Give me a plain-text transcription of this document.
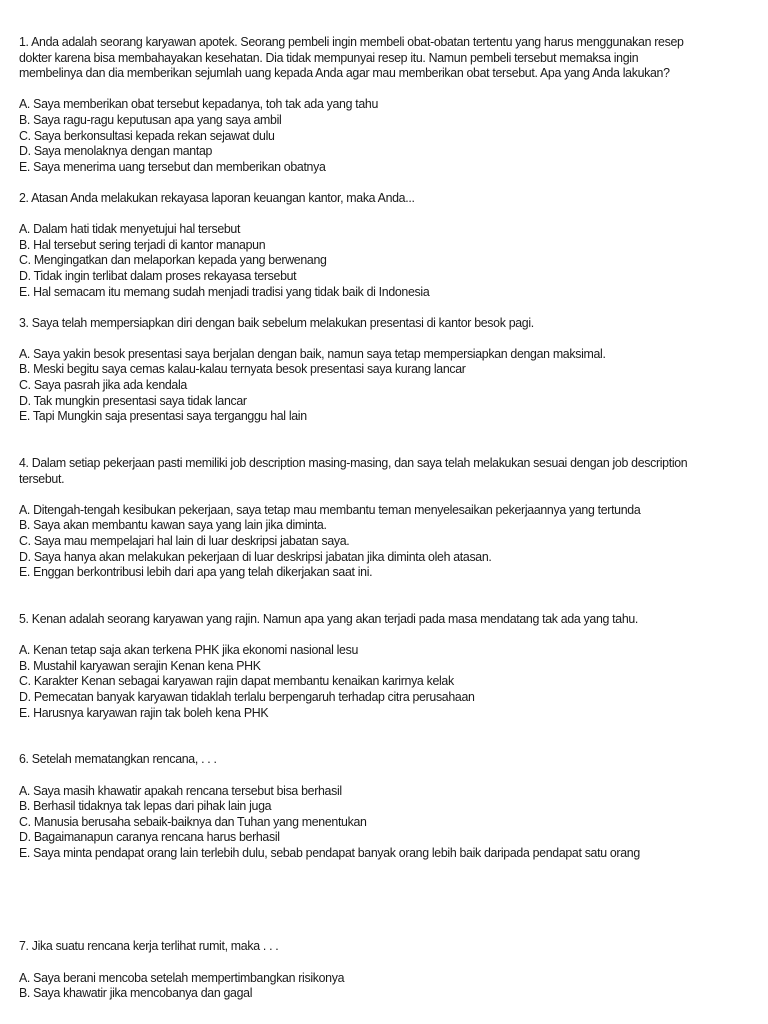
1. Anda adalah seorang karyawan apotek. Seorang pembeli ingin membeli obat-obatan tertentu yang harus menggunakan resep dokter karena bisa membahayakan kesehatan. Dia tidak mempunyai resep itu. Namun pembeli tersebut memaksa ingin membelinya dan dia memberikan sejumlah uang kepada Anda agar mau memberikan obat tersebut. Apa yang Anda lakukan?
A. Saya memberikan obat tersebut kepadanya, toh tak ada yang tahu
B. Saya ragu-ragu keputusan apa yang saya ambil
C. Saya berkonsultasi kepada rekan sejawat dulu
D. Saya menolaknya dengan mantap
E. Saya menerima uang tersebut dan memberikan obatnya
2. Atasan Anda melakukan rekayasa laporan keuangan kantor, maka Anda...
A. Dalam hati tidak menyetujui hal tersebut
B. Hal tersebut sering terjadi di kantor manapun
C. Mengingatkan dan melaporkan kepada yang berwenang
D. Tidak ingin terlibat dalam proses rekayasa tersebut
E. Hal semacam itu memang sudah menjadi tradisi yang tidak baik di Indonesia
3. Saya telah mempersiapkan diri dengan baik sebelum melakukan presentasi di kantor besok pagi.
A. Saya yakin besok presentasi saya berjalan dengan baik, namun saya tetap mempersiapkan dengan maksimal.
B. Meski begitu saya cemas kalau-kalau ternyata besok presentasi saya kurang lancar
C. Saya pasrah jika ada kendala
D. Tak mungkin presentasi saya tidak lancar
E. Tapi Mungkin saja presentasi saya terganggu hal lain
4. Dalam setiap pekerjaan pasti memiliki job description masing-masing, dan saya telah melakukan sesuai dengan job description tersebut.
A. Ditengah-tengah kesibukan pekerjaan, saya tetap mau membantu teman menyelesaikan pekerjaannya yang tertunda
B. Saya akan membantu kawan saya yang lain jika diminta.
C. Saya mau mempelajari hal lain di luar deskripsi jabatan saya.
D. Saya hanya akan melakukan pekerjaan di luar deskripsi jabatan jika diminta oleh atasan.
E. Enggan berkontribusi lebih dari apa yang telah dikerjakan saat ini.
5. Kenan adalah seorang karyawan yang rajin. Namun apa yang akan terjadi pada masa mendatang tak ada yang tahu.
A. Kenan tetap saja akan terkena PHK jika ekonomi nasional lesu
B. Mustahil karyawan serajin Kenan kena PHK
C. Karakter Kenan sebagai karyawan rajin dapat membantu kenaikan karirnya kelak
D. Pemecatan banyak karyawan tidaklah terlalu berpengaruh terhadap citra perusahaan
E. Harusnya karyawan rajin tak boleh kena PHK
6. Setelah mematangkan rencana, . . .
A. Saya masih khawatir apakah rencana tersebut bisa berhasil
B. Berhasil tidaknya tak lepas dari pihak lain juga
C. Manusia berusaha sebaik-baiknya dan Tuhan yang menentukan
D. Bagaimanapun caranya rencana harus berhasil
E. Saya minta pendapat orang lain terlebih dulu, sebab pendapat banyak orang lebih baik daripada pendapat satu orang
7. Jika suatu rencana kerja terlihat rumit, maka . . .
A. Saya berani mencoba setelah mempertimbangkan risikonya
B. Saya khawatir jika mencobanya dan gagal
